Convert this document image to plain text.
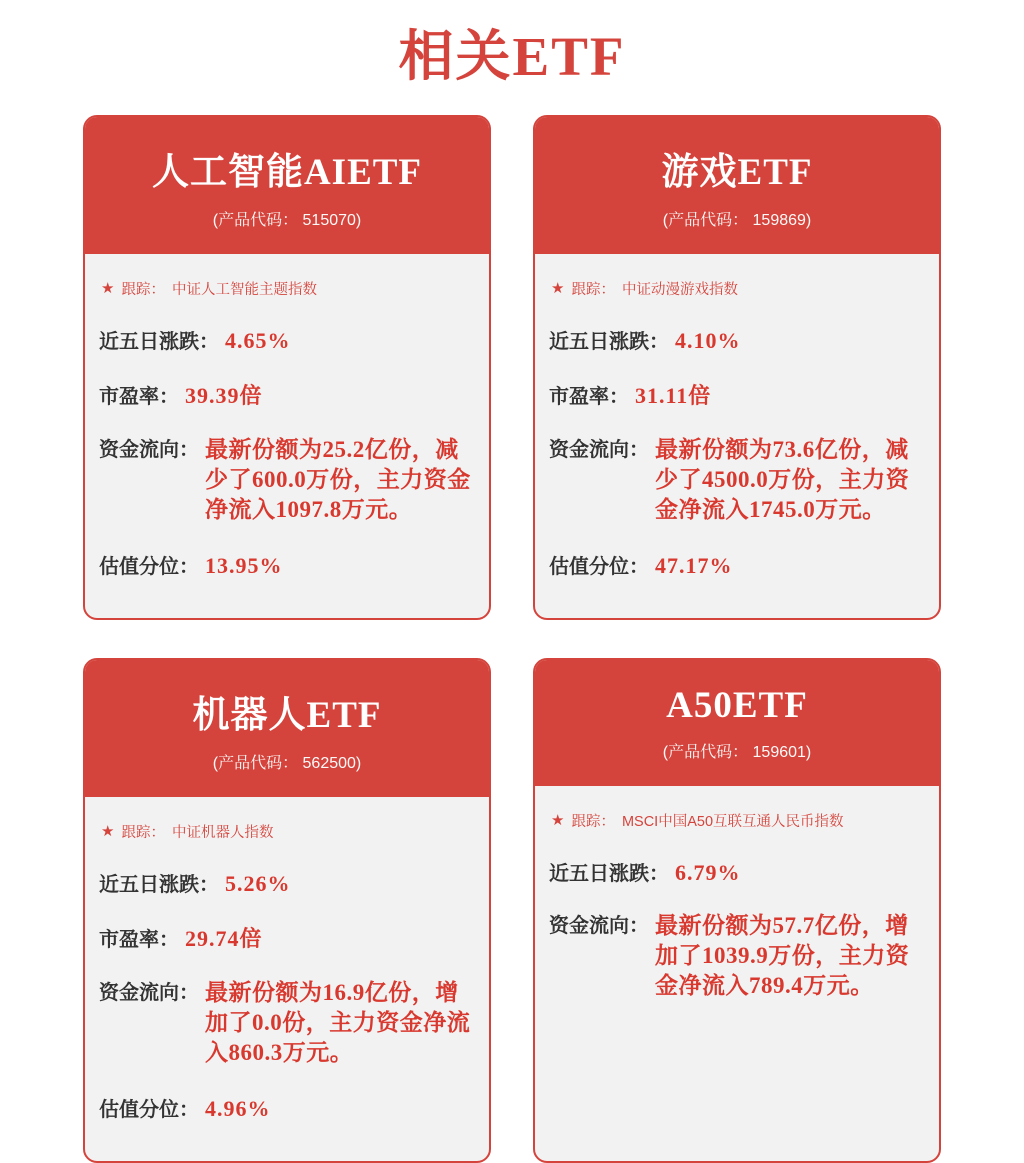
相关ETF
人工智能AIETF
(产品代码： 515070)
★ 跟踪： 中证人工智能主题指数
近五日涨跌： 4.65%
市盈率： 39.39倍
资金流向： 最新份额为25.2亿份，减少了600.0万份，主力资金净流入1097.8万元。
估值分位： 13.95%
游戏ETF
(产品代码： 159869)
★ 跟踪： 中证动漫游戏指数
近五日涨跌： 4.10%
市盈率： 31.11倍
资金流向： 最新份额为73.6亿份，减少了4500.0万份，主力资金净流入1745.0万元。
估值分位： 47.17%
机器人ETF
(产品代码： 562500)
★ 跟踪： 中证机器人指数
近五日涨跌： 5.26%
市盈率： 29.74倍
资金流向： 最新份额为16.9亿份，增加了0.0份，主力资金净流入860.3万元。
估值分位： 4.96%
A50ETF
(产品代码： 159601)
★ 跟踪： MSCI中国A50互联互通人民币指数
近五日涨跌： 6.79%
资金流向： 最新份额为57.7亿份，增加了1039.9万份，主力资金净流入789.4万元。
